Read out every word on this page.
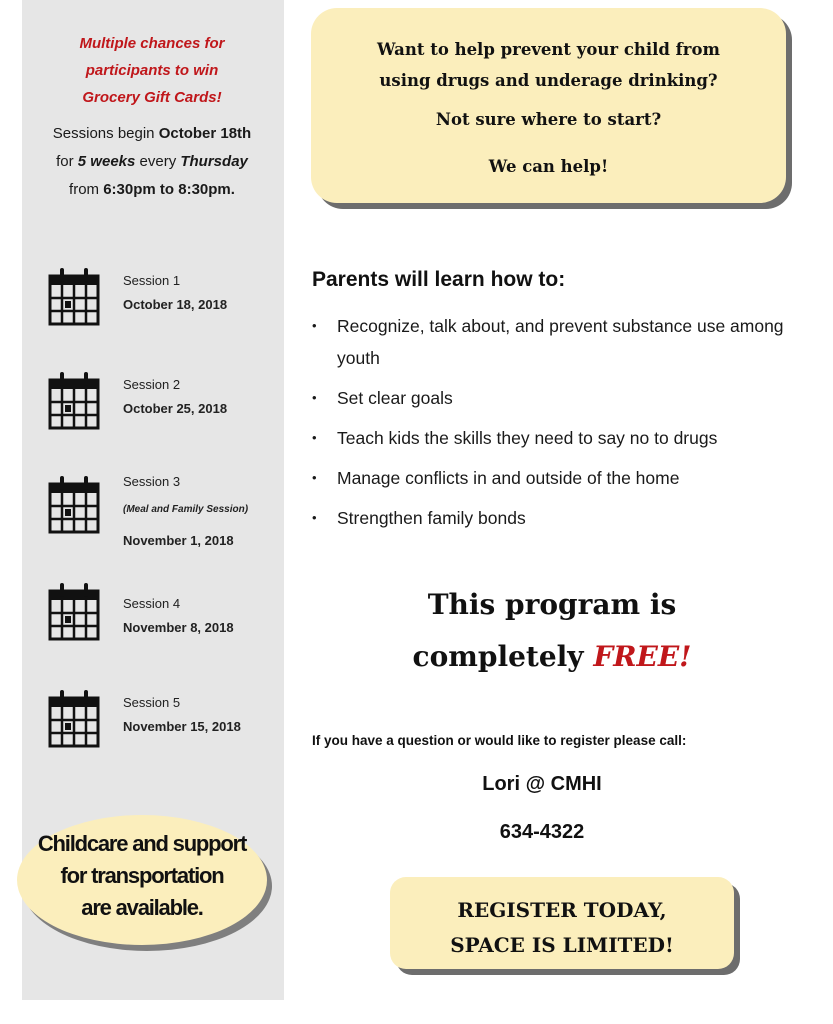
Multiple chances for
participants to win
Grocery Gift Cards!
Sessions begin October 18th
for 5 weeks every Thursday
from 6:30pm to 8:30pm.
Session 1
October 18, 2018
Session 2
October 25, 2018
Session 3
(Meal and Family Session)
November 1, 2018
Session 4
November 8, 2018
Session 5
November 15, 2018
Childcare and support
for transportation
are available.
Want to help prevent your child from
using drugs and underage drinking?
Not sure where to start?
We can help!
Parents will learn how to:
• Recognize, talk about, and prevent substance use among youth
• Set clear goals
• Teach kids the skills they need to say no to drugs
• Manage conflicts in and outside of the home
• Strengthen family bonds
This program is
completely FREE!
If you have a question or would like to register please call:
Lori @ CMHI
634-4322
REGISTER TODAY,
SPACE IS LIMITED!
